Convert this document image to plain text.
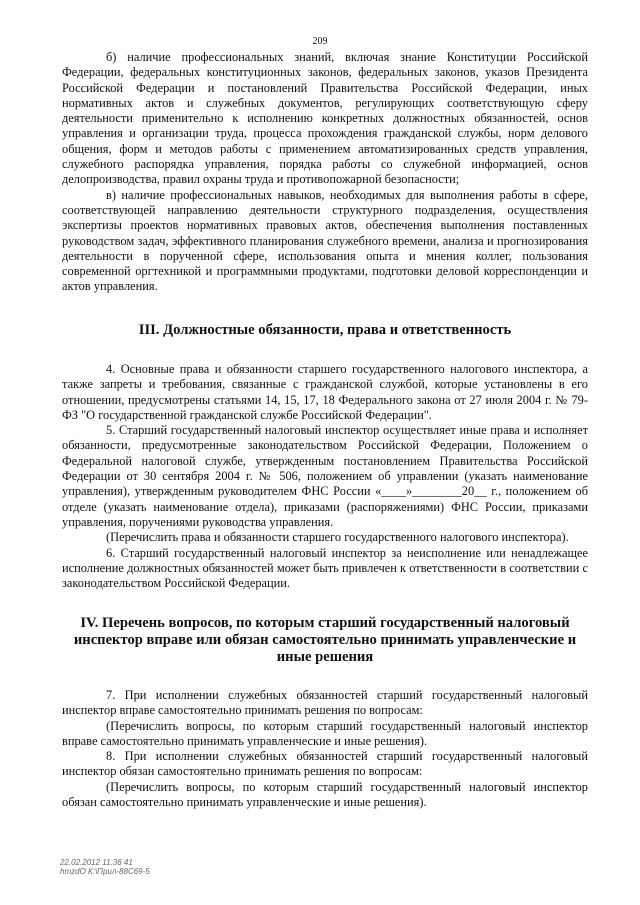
209

б) наличие профессиональных знаний, включая знание Конституции Российской Федерации, федеральных конституционных законов, федеральных законов, указов Президента Российской Федерации и постановлений Правительства Российской Федерации, иных нормативных актов и служебных документов, регулирующих соответствующую сферу деятельности применительно к исполнению конкретных должностных обязанностей, основ управления и организации труда, процесса прохождения гражданской службы, норм делового общения, форм и методов работы с применением автоматизированных средств управления, служебного распорядка управления, порядка работы со служебной информацией, основ делопроизводства, правил охраны труда и противопожарной безопасности;

в) наличие профессиональных навыков, необходимых для выполнения работы в сфере, соответствующей направлению деятельности структурного подразделения, осуществления экспертизы проектов нормативных правовых актов, обеспечения выполнения поставленных руководством задач, эффективного планирования служебного времени, анализа и прогнозирования деятельности в порученной сфере, использования опыта и мнения коллег, пользования современной оргтехникой и программными продуктами, подготовки деловой корреспонденции и актов управления.

III. Должностные обязанности, права и ответственность

4. Основные права и обязанности старшего государственного налогового инспектора, а также запреты и требования, связанные с гражданской службой, которые установлены в его отношении, предусмотрены статьями 14, 15, 17, 18 Федерального закона от 27 июля 2004 г. № 79-ФЗ "О государственной гражданской службе Российской Федерации".

5. Старший государственный налоговый инспектор осуществляет иные права и исполняет обязанности, предусмотренные законодательством Российской Федерации, Положением о Федеральной налоговой службе, утвержденным постановлением Правительства Российской Федерации от 30 сентября 2004 г. № 506, положением об управлении (указать наименование управления), утвержденным руководителем ФНС России «____»________20__ г., положением об отделе (указать наименование отдела), приказами (распоряжениями) ФНС России, приказами управления, поручениями руководства управления.

(Перечислить права и обязанности старшего государственного налогового инспектора).

6. Старший государственный налоговый инспектор за неисполнение или ненадлежащее исполнение должностных обязанностей может быть привлечен к ответственности в соответствии с законодательством Российской Федерации.

IV. Перечень вопросов, по которым старший государственный налоговый инспектор вправе или обязан самостоятельно принимать управленческие и иные решения

7. При исполнении служебных обязанностей старший государственный налоговый инспектор вправе самостоятельно принимать решения по вопросам:

(Перечислить вопросы, по которым старший государственный налоговый инспектор вправе самостоятельно принимать управленческие и иные решения).

8. При исполнении служебных обязанностей старший государственный налоговый инспектор обязан самостоятельно принимать решения по вопросам:

(Перечислить вопросы, по которым старший государственный налоговый инспектор обязан самостоятельно принимать управленческие и иные решения).

22.02.2012 11:36 41
hmzdO К:\Прил-88C69-5
